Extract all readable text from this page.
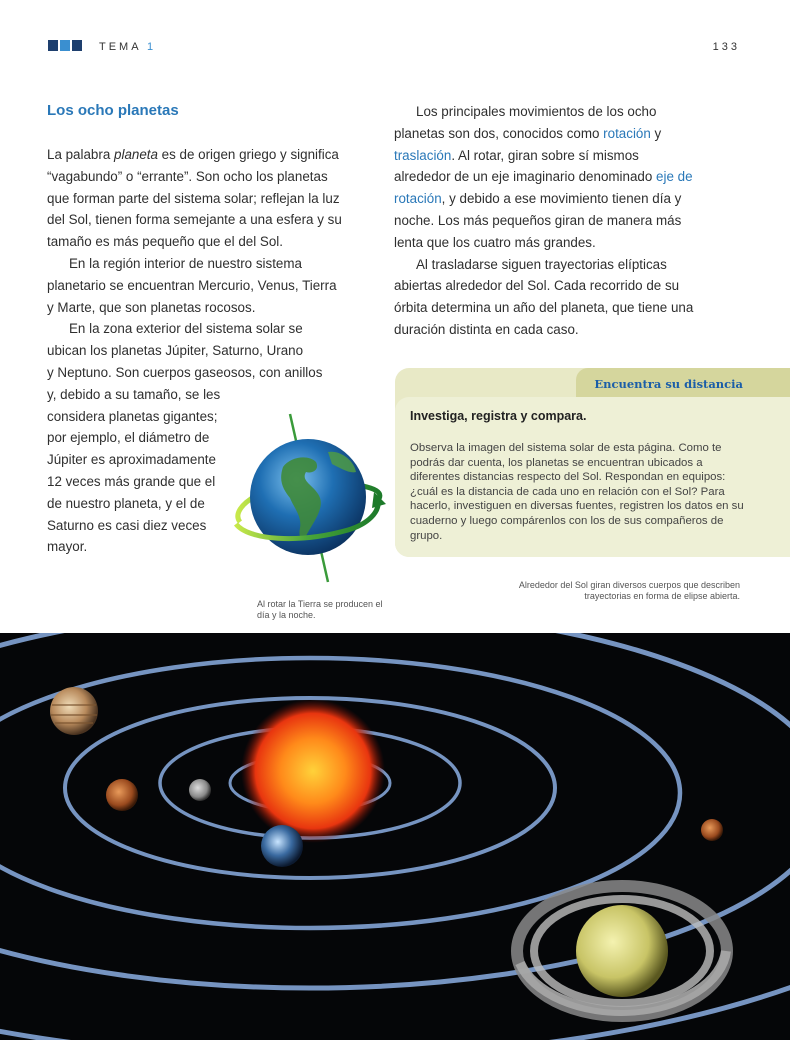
TEMA 1	133
Los ocho planetas

La palabra planeta es de origen griego y significa “vagabundo” o “errante”. Son ocho los planetas que forman parte del sistema solar; reflejan la luz del Sol, tienen forma semejante a una esfera y su tamaño es más pequeño que el del Sol.

En la región interior de nuestro sistema planetario se encuentran Mercurio, Venus, Tierra y Marte, que son planetas rocosos.

En la zona exterior del sistema solar se
ubican los planetas Júpiter, Saturno, Urano
y Neptuno. Son cuerpos gaseosos, con anillos
y, debido a su tamaño, se les
considera planetas gigantes;
por ejemplo, el diámetro de
Júpiter es aproximadamente
12 veces más grande que el
de nuestro planeta, y el de
Saturno es casi diez veces
mayor.

Los principales movimientos de los ocho planetas son dos, conocidos como rotación y traslación. Al rotar, giran sobre sí mismos alrededor de un eje imaginario denominado eje de rotación, y debido a ese movimiento tienen día y noche. Los más pequeños giran de manera más lenta que los cuatro más grandes.

Al trasladarse siguen trayectorias elípticas abiertas alrededor del Sol. Cada recorrido de su órbita determina un año del planeta, que tiene una duración distinta en cada caso.

Al rotar la Tierra se producen el día y la noche.
Encuentra su distancia
Investiga, registra y compara.
Observa la imagen del sistema solar de esta página. Como te podrás dar cuenta, los planetas se encuentran ubicados a diferentes distancias respecto del Sol. Respondan en equipos: ¿cuál es la distancia de cada uno en relación con el Sol? Para hacerlo, investiguen en diversas fuentes, registren los datos en su cuaderno y luego compárenlos con los de sus compañeros de grupo.
Alrededor del Sol giran diversos cuerpos que describen trayectorias en forma de elipse abierta.
